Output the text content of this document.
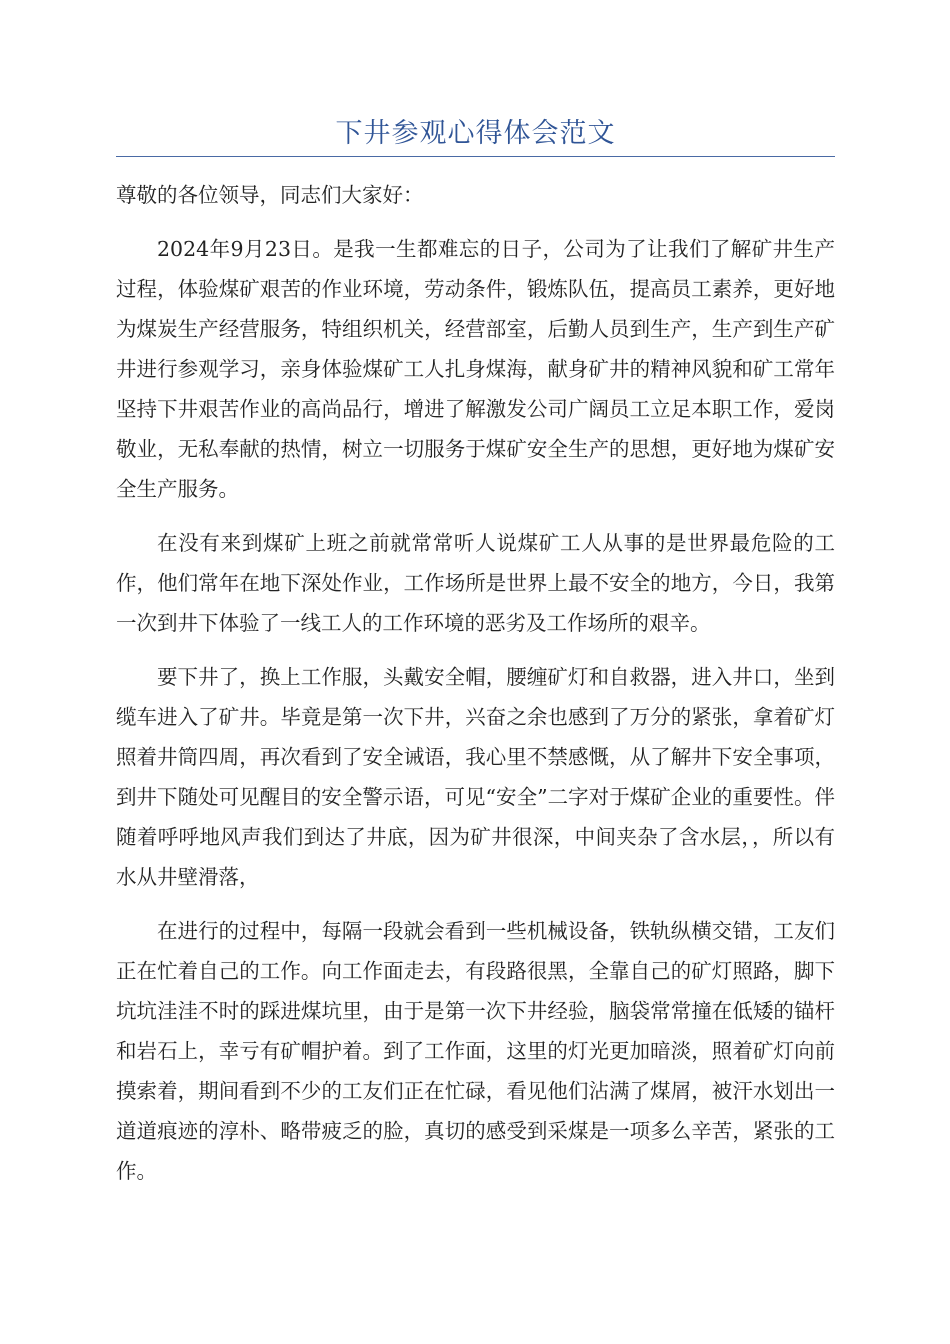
下井参观心得体会范文

尊敬的各位领导，同志们大家好：

2024年9月23日。是我一生都难忘的日子，公司为了让我们了解矿井生产过程，体验煤矿艰苦的作业环境，劳动条件，锻炼队伍，提高员工素养，更好地为煤炭生产经营服务，特组织机关，经营部室，后勤人员到生产，生产到生产矿井进行参观学习，亲身体验煤矿工人扎身煤海，献身矿井的精神风貌和矿工常年坚持下井艰苦作业的高尚品行，增进了解激发公司广阔员工立足本职工作，爱岗敬业，无私奉献的热情，树立一切服务于煤矿安全生产的思想，更好地为煤矿安全生产服务。

在没有来到煤矿上班之前就常常听人说煤矿工人从事的是世界最危险的工作，他们常年在地下深处作业，工作场所是世界上最不安全的地方，今日，我第一次到井下体验了一线工人的工作环境的恶劣及工作场所的艰辛。

要下井了，换上工作服，头戴安全帽，腰缠矿灯和自救器，进入井口，坐到缆车进入了矿井。毕竟是第一次下井，兴奋之余也感到了万分的紧张，拿着矿灯照着井筒四周，再次看到了安全诫语，我心里不禁感慨，从了解井下安全事项，到井下随处可见醒目的安全警示语，可见“安全”二字对于煤矿企业的重要性。伴随着呼呼地风声我们到达了井底，因为矿井很深，中间夹杂了含水层，，所以有水从井壁滑落，

在进行的过程中，每隔一段就会看到一些机械设备，铁轨纵横交错，工友们正在忙着自己的工作。向工作面走去，有段路很黑，全靠自己的矿灯照路，脚下坑坑洼洼不时的踩进煤坑里，由于是第一次下井经验，脑袋常常撞在低矮的锚杆和岩石上，幸亏有矿帽护着。到了工作面，这里的灯光更加暗淡，照着矿灯向前摸索着，期间看到不少的工友们正在忙碌，看见他们沾满了煤屑，被汗水划出一道道痕迹的淳朴、略带疲乏的脸，真切的感受到采煤是一项多么辛苦，紧张的工作。
